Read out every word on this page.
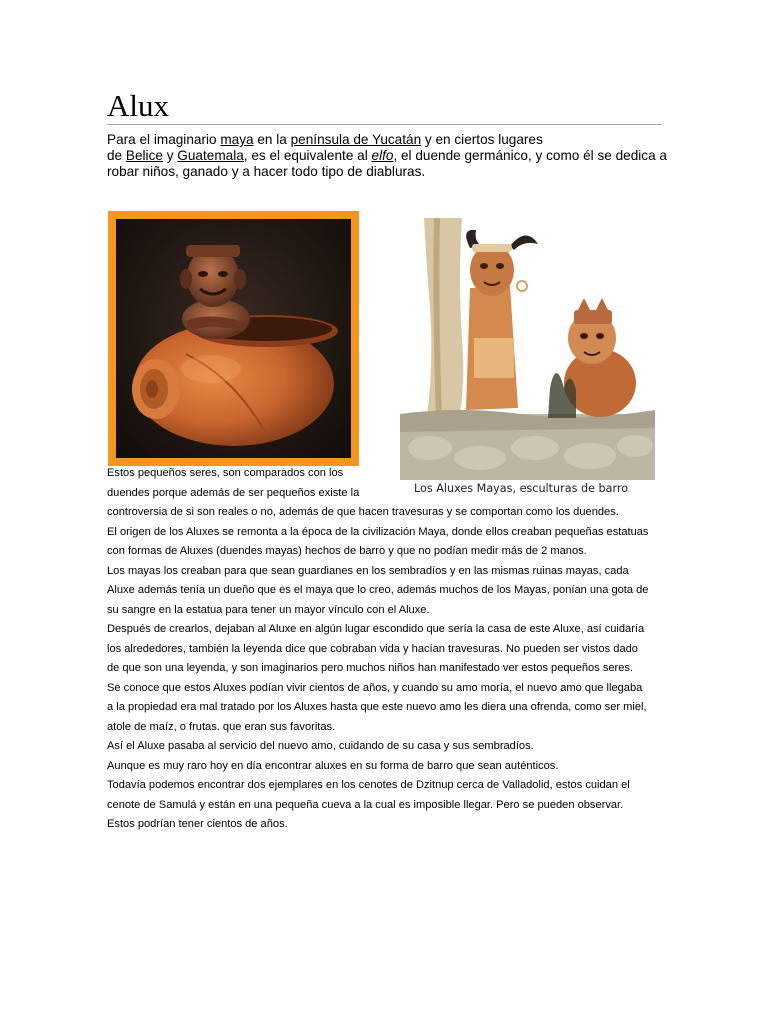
Alux

Para el imaginario maya en la península de Yucatán y en ciertos lugares
de Belice y Guatemala, es el equivalente al elfo, el duende germánico, y como él se dedica a
robar niños, ganado y a hacer todo tipo de diabluras.

Los Aluxes Mayas, esculturas de barro
Estos pequeños seres, son comparados con los
duendes porque además de ser pequeños existe la
controversia de si son reales o no, además de que hacen travesuras y se comportan como los duendes.
El origen de los Aluxes se remonta a la época de la civilización Maya, donde ellos creaban pequeñas estatuas
con formas de Aluxes (duendes mayas) hechos de barro y que no podían medir más de 2 manos.
Los mayas los creaban para que sean guardianes en los sembradíos y en las mismas ruinas mayas, cada
Aluxe además tenía un dueño que es el maya que lo creo, además muchos de los Mayas, ponían una gota de
su sangre en la estatua para tener un mayor vínculo con el Aluxe.
Después de crearlos, dejaban al Aluxe en algún lugar escondido que sería la casa de este Aluxe, así cuidaría
los alrededores, también la leyenda dice que cobraban vida y hacían travesuras. No pueden ser vistos dado
de que son una leyenda, y son imaginarios pero muchos niños han manifestado ver estos pequeños seres.
Se conoce que estos Aluxes podían vivir cientos de años, y cuando su amo moría, el nuevo amo que llegaba
a la propiedad era mal tratado por los Aluxes hasta que este nuevo amo les diera una ofrenda, como ser miel,
atole de maíz, o frutas. que eran sus favoritas.
Así el Aluxe pasaba al servicio del nuevo amo, cuidando de su casa y sus sembradíos.
Aunque es muy raro hoy en día encontrar aluxes en su forma de barro que sean auténticos.
Todavía podemos encontrar dos ejemplares en los cenotes de Dzitnup cerca de Valladolid, estos cuidan el
cenote de Samulá y están en una pequeña cueva a la cual es imposible llegar. Pero se pueden observar.
Estos podrían tener cientos de años.
